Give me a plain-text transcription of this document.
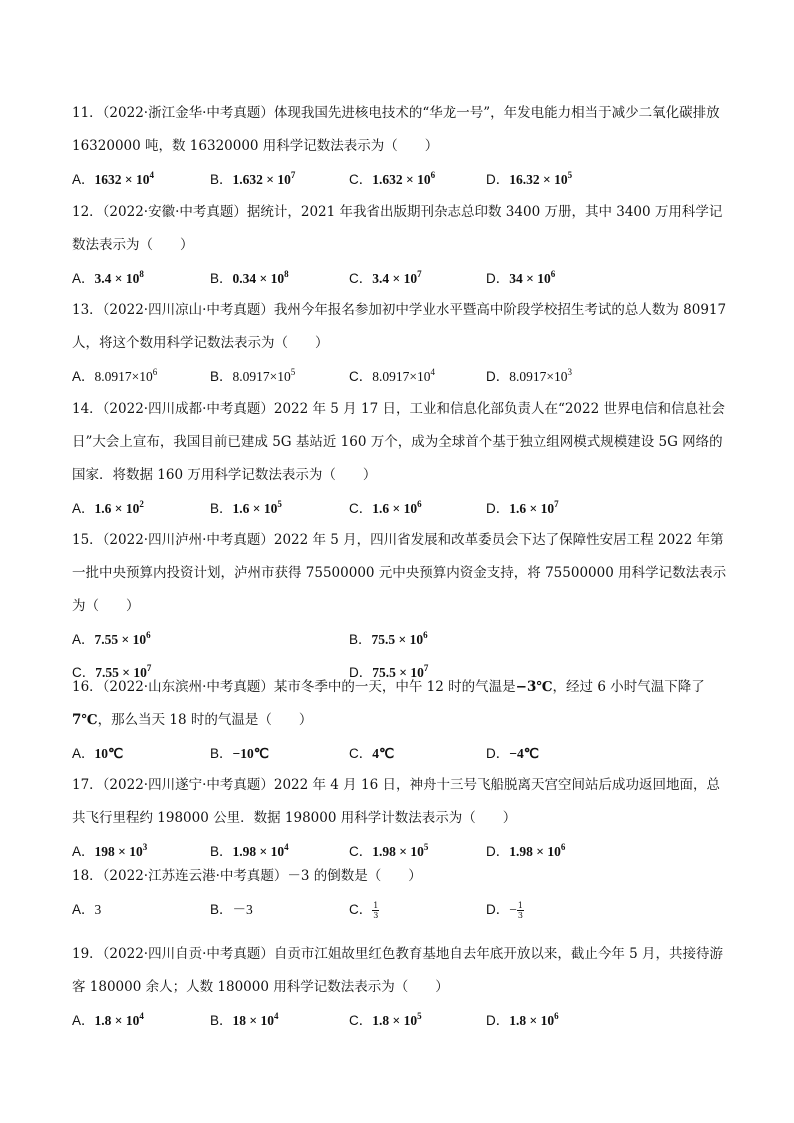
11．（2022·浙江金华·中考真题）体现我国先进核电技术的“华龙一号”，年发电能力相当于减少二氧化碳排放 16320000 吨，数 16320000 用科学记数法表示为（　　）
A．$1632 \times 10^4$	B．$1.632 \times 10^7$	C．$1.632 \times 10^6$	D．$16.32 \times 10^5$
12．（2022·安徽·中考真题）据统计，2021 年我省出版期刊杂志总印数 3400 万册，其中 3400 万用科学记数法表示为（　　）
A．$3.4 \times 10^8$	B．$0.34 \times 10^8$	C．$3.4 \times 10^7$	D．$34 \times 10^6$
13．（2022·四川凉山·中考真题）我州今年报名参加初中学业水平暨高中阶段学校招生考试的总人数为 80917 人，将这个数用科学记数法表示为（　　）
A．$8.0917\times 10^6$	B．$8.0917\times 10^5$	C．$8.0917\times 10^4$	D．$8.0917\times 10^3$
14．（2022·四川成都·中考真题）2022 年 5 月 17 日，工业和信息化部负责人在“2022 世界电信和信息社会日”大会上宣布，我国目前已建成 5G 基站近 160 万个，成为全球首个基于独立组网模式规模建设 5G 网络的国家．将数据 160 万用科学记数法表示为（　　）
A．$1.6 \times 10^2$	B．$1.6 \times 10^5$	C．$1.6 \times 10^6$	D．$1.6 \times 10^7$
15．（2022·四川泸州·中考真题）2022 年 5 月，四川省发展和改革委员会下达了保障性安居工程 2022 年第一批中央预算内投资计划，泸州市获得 75500000 元中央预算内资金支持，将 75500000 用科学记数法表示为（　　）
A．$7.55 \times 10^6$	B．$75.5 \times 10^6$
C．$7.55 \times 10^7$	D．$75.5 \times 10^7$
16．（2022·山东滨州·中考真题）某市冬季中的一天，中午 12 时的气温是−3℃，经过 6 小时气温下降了7℃，那么当天 18 时的气温是（　　）
A．10℃	B．−10℃	C．4℃	D．−4℃
17．（2022·四川遂宁·中考真题）2022 年 4 月 16 日，神舟十三号飞船脱离天宫空间站后成功返回地面，总共飞行里程约 198000 公里．数据 198000 用科学计数法表示为（　　）
A．$198 \times 10^3$	B．$1.98 \times 10^4$	C．$1.98 \times 10^5$	D．$1.98 \times 10^6$
18．（2022·江苏连云港·中考真题）－3 的倒数是（　　）
A．3	B．－3	C． $\frac{1}{3}$	D．− $\frac{1}{3}$
19．（2022·四川自贡·中考真题）自贡市江姐故里红色教育基地自去年底开放以来，截止今年 5 月，共接待游客 180000 余人；人数 180000 用科学记数法表示为（　　）
A．$1.8 \times 10^4$	B．$18 \times 10^4$	C．$1.8 \times 10^5$	D．$1.8 \times 10^6$
